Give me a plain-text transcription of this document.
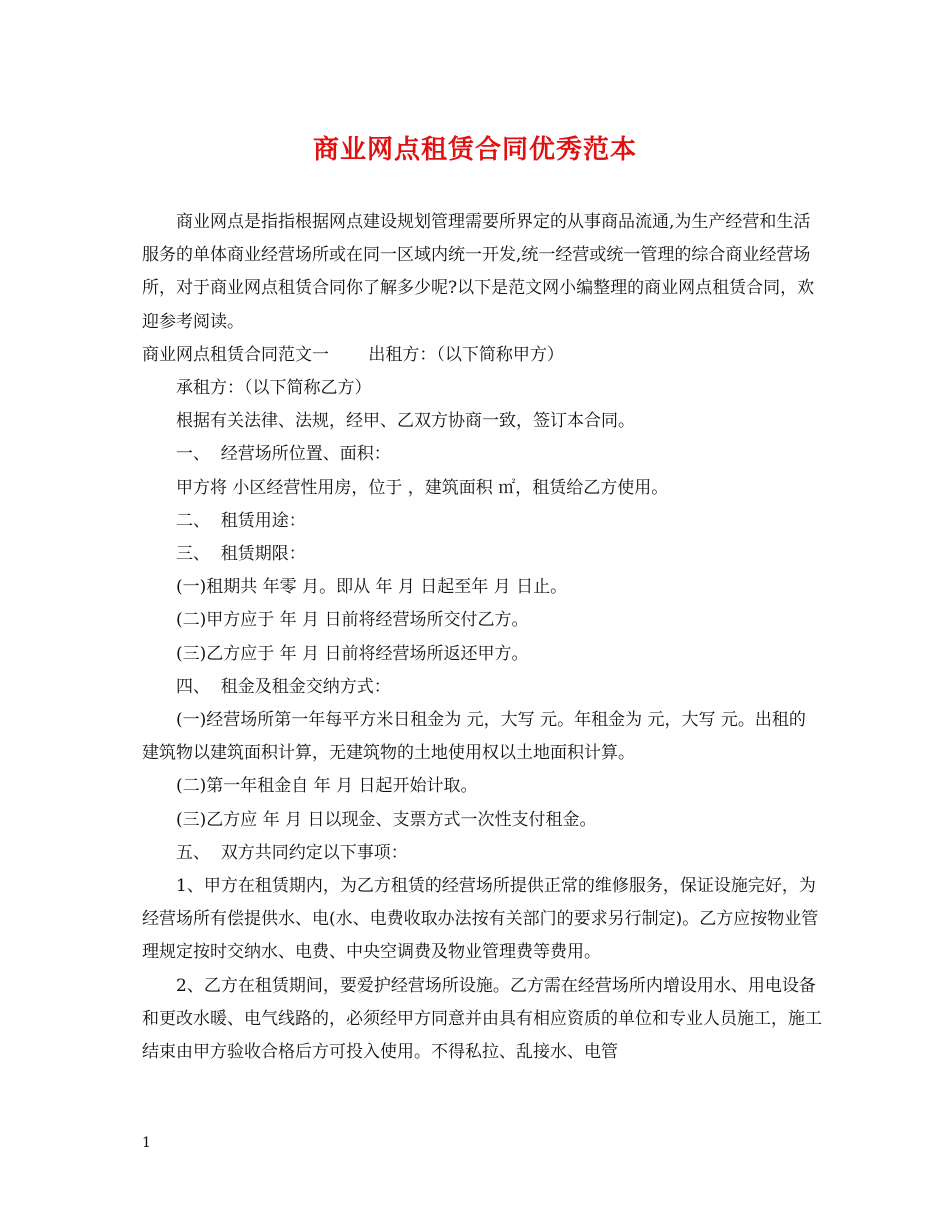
商业网点租赁合同优秀范本

商业网点是指指根据网点建设规划管理需要所界定的从事商品流通,为生产经营和生活服务的单体商业经营场所或在同一区域内统一开发,统一经营或统一管理的综合商业经营场所，对于商业网点租赁合同你了解多少呢?以下是范文网小编整理的商业网点租赁合同，欢迎参考阅读。

商业网点租赁合同范文一　　 出租方：（以下简称甲方）

承租方：（以下简称乙方）

根据有关法律、法规，经甲、乙双方协商一致，签订本合同。

一、  经营场所位置、面积：

甲方将 小区经营性用房，位于 ，建筑面积 ㎡，租赁给乙方使用。

二、  租赁用途：

三、  租赁期限：

(一)租期共 年零 月。即从 年 月 日起至年 月 日止。

(二)甲方应于 年 月 日前将经营场所交付乙方。

(三)乙方应于 年 月 日前将经营场所返还甲方。

四、  租金及租金交纳方式：

(一)经营场所第一年每平方米日租金为 元，大写 元。年租金为 元，大写 元。出租的建筑物以建筑面积计算，无建筑物的土地使用权以土地面积计算。

(二)第一年租金自 年 月 日起开始计取。

(三)乙方应 年 月 日以现金、支票方式一次性支付租金。

五、  双方共同约定以下事项：

1、甲方在租赁期内，为乙方租赁的经营场所提供正常的维修服务，保证设施完好，为经营场所有偿提供水、电(水、电费收取办法按有关部门的要求另行制定)。乙方应按物业管理规定按时交纳水、电费、中央空调费及物业管理费等费用。

2、乙方在租赁期间，要爱护经营场所设施。乙方需在经营场所内增设用水、用电设备和更改水暖、电气线路的，必须经甲方同意并由具有相应资质的单位和专业人员施工，施工结束由甲方验收合格后方可投入使用。不得私拉、乱接水、电管

1
